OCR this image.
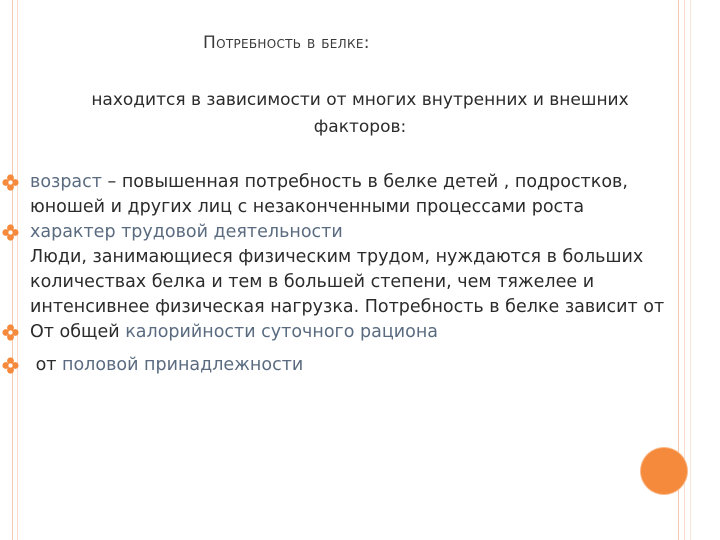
Потребность в белке:
находится в зависимости от многих внутренних и внешних
факторов:
возраст – повышенная потребность в белке детей , подростков, юношей и других лиц с незаконченными процессами роста
характер трудовой деятельности
Люди, занимающиеся физическим трудом, нуждаются в больших количествах белка и тем в большей степени, чем тяжелее и интенсивнее физическая нагрузка. Потребность в белке зависит от
От общей калорийности суточного рациона
от половой принадлежности
